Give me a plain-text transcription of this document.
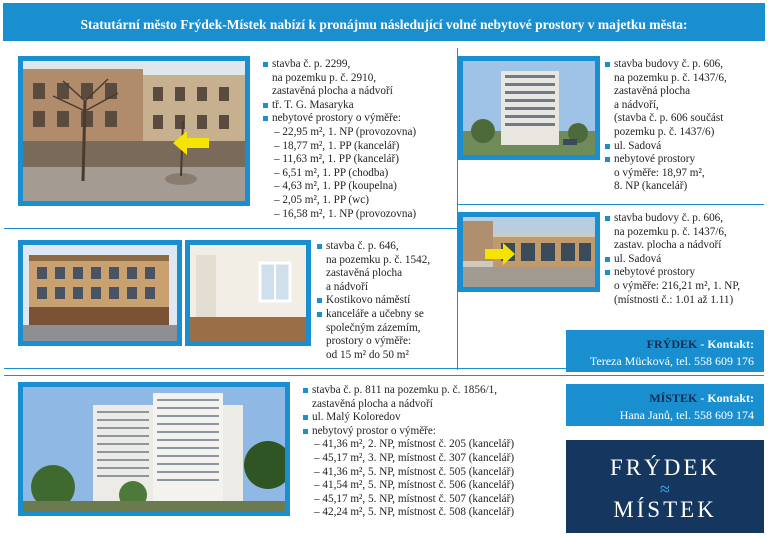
Statutární město Frýdek-Místek nabízí k pronájmu následující volné nebytové prostory v majetku města:
stavba č. p. 2299,
na pozemku p. č. 2910,
zastavěná plocha a nádvoří
tř. T. G. Masaryka
nebytové prostory o výměře:
– 22,95 m², 1. NP (provozovna)
– 18,77 m², 1. PP (kancelář)
– 11,63 m², 1. PP (kancelář)
– 6,51 m², 1. PP (chodba)
– 4,63 m², 1. PP (koupelna)
– 2,05 m², 1. PP (wc)
– 16,58 m², 1. NP (provozovna)
stavba budovy č. p. 606,
na pozemku p. č. 1437/6,
zastavěná plocha
a nádvoří,
(stavba č. p. 606 součást
pozemku p. č. 1437/6)
ul. Sadová
nebytové prostory
o výměře: 18,97 m²,
8. NP (kancelář)
stavba budovy č. p. 606,
na pozemku p. č. 1437/6,
zastav. plocha a nádvoří
ul. Sadová
nebytové prostory
o výměře: 216,21 m², 1. NP,
(místnosti č.: 1.01 až 1.11)
stavba č. p. 646,
na pozemku p. č. 1542,
zastavěná plocha
a nádvoří
Kostikovo náměstí
kanceláře a učebny se
společným zázemím,
prostory o výměře:
od 15 m² do 50 m²
FRÝDEK - Kontakt:
Tereza Mücková, tel. 558 609 176
MÍSTEK - Kontakt:
Hana Janů, tel. 558 609 174
stavba č. p. 811 na pozemku p. č. 1856/1,
zastavěná plocha a nádvoří
ul. Malý Koloredov
nebytový prostor o výměře:
– 41,36 m², 2. NP, místnost č. 205 (kancelář)
– 45,17 m², 3. NP, místnost č. 307 (kancelář)
– 41,36 m², 5. NP, místnost č. 505 (kancelář)
– 41,54 m², 5. NP, místnost č. 506 (kancelář)
– 45,17 m², 5. NP, místnost č. 507 (kancelář)
– 42,24 m², 5. NP, místnost č. 508 (kancelář)
FRÝDEK
≈
MÍSTEK
